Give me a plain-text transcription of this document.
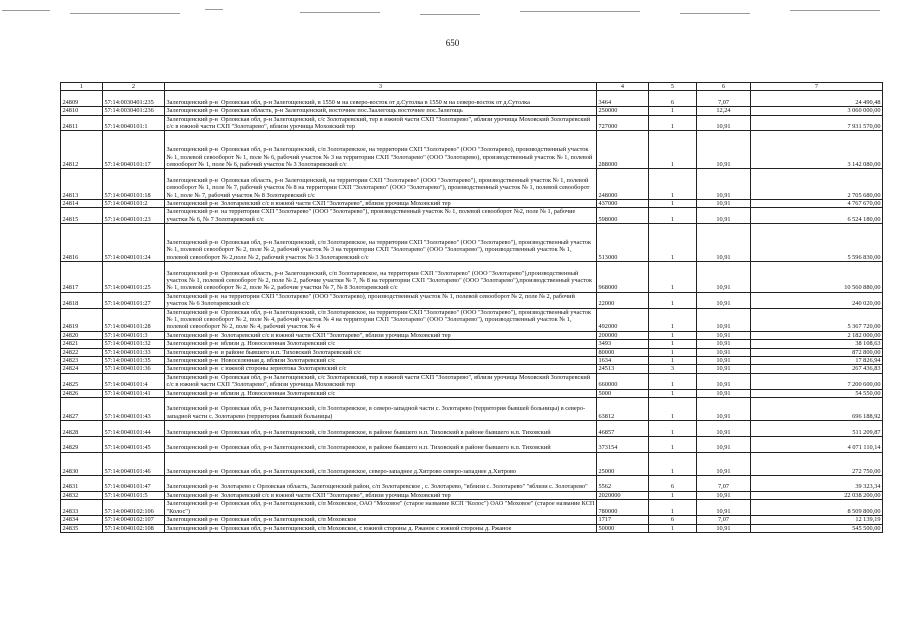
650
1	2	3	4	5	6	7
24809	57:14:0030401:235	Залегощенский р-н Орловская обл, р-н Залегощенский, в 1550 м на северо-восток от д.Сутолка в 1550 м на северо-восток от д.Сутолка	3464	6	7,07	24 490,48
24810	57:14:0030401:236	Залегощенский р-н Орловская область, р-н Залегощенский, восточнее пос.Заалегощь восточнее пос.Залегощь	250000	1	12,24	3 060 000,00
24811	57:14:0040101:1	Залегощенский р-н Орловская обл, р-н Залегощенский, с/с Золотаревский, тер в южной части СХП "Золотарево", вблизи урочища Моховский Золотаревский с/с в южной части СХП "Золотарево", вблизи урочища Моховский тер	727000	1	10,91	7 931 570,00
24812	57:14:0040101:17	Залегощенский р-н Орловская обл, р-н Залегощенский, с/п Золотаревское, на территории СХП "Золотарево" (ООО "Золотарево), производственный участок № 1, полевой севооборот № 1, поле № 6, рабочий участок № 3 на территории СХП "Золотарево" (ООО "Золотарево), производственный участок № 1, полевой севооборот № 1, поле № 6, рабочий участок № 3 Золотаревский с/с	288000	1	10,91	3 142 080,00
24813	57:14:0040101:18	Залегощенский р-н Орловская область, р-н Залегощенский, на территории СХП "Золотарево" (ООО "Золотарево"), производственный участок № 1, полевой севооборот № 1, поле № 7, рабочий участок № 8 на территории СХП "Золотарево" (ООО "Золотарево"), производственный участок № 1, полевой севооборот № 1, поле № 7, рабочий участок № 8 Золотаревский с/с	248000	1	10,91	2 705 680,00
24814	57:14:0040101:2	Залегощенский р-н Золотаревский с/с в южной части СХП "Золотарево", вблизи урочища Моховский тер	437000	1	10,91	4 767 670,00
24815	57:14:0040101:23	Залегощенский р-н на территории СХП "Золотарево" (ООО "Золотарево"), производственный участок № 1, полевой севооборот №2, поле № 1, рабочие участки № 6, № 7 Золотаревский с/с	598000	1	10,91	6 524 180,00
24816	57:14:0040101:24	Залегощенский р-н Орловская обл, р-н Залегощенский, с/п Золотаревское, на территории СХП "Золотарево" (ООО "Золотарево"), производственный участок № 1, полевой севооборот № 2, поле № 2, рабочий участок № 3 на территории СХП "Золотарево" (ООО "Золотарево"), производственный участок № 1, полевой севооборот № 2,поле № 2, рабочий участок № 3 Золотаревский с/с	513000	1	10,91	5 596 830,00
24817	57:14:0040101:25	Залегощенский р-н Орловская область, р-н Залегощенский, с/п Золотаревское, на территории СХП "Золотарево" (ООО "Золотарево"),производственный участок № 1, полевой севооборот № 2, поле № 2, рабочие участки № 7, № 8 на территории СХП "Золотарево" (ООО "Золотарево"),производственный участок № 1, полевой севооборот № 2, поле № 2, рабочие участки № 7, № 8 Золотаревский с/с	968000	1	10,91	10 560 880,00
24818	57:14:0040101:27	Залегощенский р-н на территории СХП "Золотарево" (ООО "Золотарево), производственный участок № 1, полевой севооборот № 2, поле № 2, рабочий участок № 6 Золотаревский с/с	22000	1	10,91	240 020,00
24819	57:14:0040101:28	Залегощенский р-н Орловская обл, р-н Залегощенский, с/п Золотаревское, на территории СХП "Золотарево" (ООО "Золотарево"), производственный участок № 1, полевой севооборот № 2, поле № 4, рабочий участок № 4 на территории СХП "Золотарево" (ООО "Золотарево"), производственный участок № 1, полевой севооборот № 2, поле № 4, рабочий участок № 4	492000	1	10,91	5 367 720,00
24820	57:14:0040101:3	Залегощенский р-н Золотаревский с/с в южной части СХП "Золотарево", вблизи урочища Моховский тер	200000	1	10,91	2 182 000,00
24821	57:14:0040101:32	Залегощенский р-н вблизи д. Новоселенная Золотаревский с/с	3493	1	10,91	38 108,63
24822	57:14:0040101:33	Залегощенский р-н в районе бывшего н.п. Тиховский Золотаревский с/с	80000	1	10,91	872 800,00
24823	57:14:0040101:35	Залегощенский р-н Новоселенная д. вблизи Золотаревский с/с	1634	1	10,91	17 826,94
24824	57:14:0040101:36	Залегощенский р-н с южной стороны зернотока Золотаревский с/с	24513	3	10,91	267 436,83
24825	57:14:0040101:4	Залегощенский р-н Орловская обл, р-н Залегощенский, с/с Золотаревский, тер в южной части СХП "Золотарево", вблизи урочища Моховский Золотаревский с/с в южной части СХП "Золотарево", вблизи урочища Моховский тер	660000	1	10,91	7 200 600,00
24826	57:14:0040101:41	Залегощенский р-н вблизи д. Новоселенная Золотаревский с/с	5000	1	10,91	54 550,00
24827	57:14:0040101:43	Залегощенский р-н Орловская обл, р-н Залегощенский, с/п Золотаревское, в северо-западной части с. Золотарево (территория бывшей больницы) в северо-западной части с. Золотарево (территория бывшей больницы)	63812	1	10,91	696 188,92
24828	57:14:0040101:44	Залегощенский р-н Орловская обл, р-н Залегощенский, с/п Золотаревское, в районе бывшего н.п. Тиховский в районе бывшего н.п. Тиховский	46857	1	10,91	511 209,87
24829	57:14:0040101:45	Залегощенский р-н Орловская обл, р-н Залегощенский, с/п Золотаревское, в районе бывшего н.п. Тиховский в районе бывшего н.п. Тиховский	373154	1	10,91	4 071 110,14
24830	57:14:0040101:46	Залегощенский р-н Орловская обл, р-н Залегощенский, с/п Золотаревское, северо-западнее д.Хитрово северо-западнее д.Хитрово	25000	1	10,91	272 750,00
24831	57:14:0040101:47	Залегощенский р-н Золотарево с Орловская область, Залегощенский район, с/п Золотаревское , с. Золотарево, "вблизи с. Золотарево" "вблизи с. Золотарево"	5562	6	7,07	39 323,34
24832	57:14:0040101:5	Залегощенский р-н Золотаревский с/с в южной части СХП "Золотарево", вблизи урочища Моховский тер	2020000	1	10,91	22 038 200,00
24833	57:14:0040102:106	Залегощенский р-н Орловская обл, р-н Залегощенский, с/п Моховское, ОАО "Моховое" (старое название КСП "Колос") ОАО "Моховое" (старое название КСП "Колос")	780000	1	10,91	8 509 800,00
24834	57:14:0040102:107	Залегощенский р-н Орловская обл, р-н Залегощенский, с/п Моховское	1717	6	7,07	12 139,19
24835	57:14:0040102:108	Залегощенский р-н Орловская обл, р-н Залегощенский, с/п Моховское, с южной стороны д. Ржаное с южной стороны д. Ржаное	50000	1	10,91	545 500,00
